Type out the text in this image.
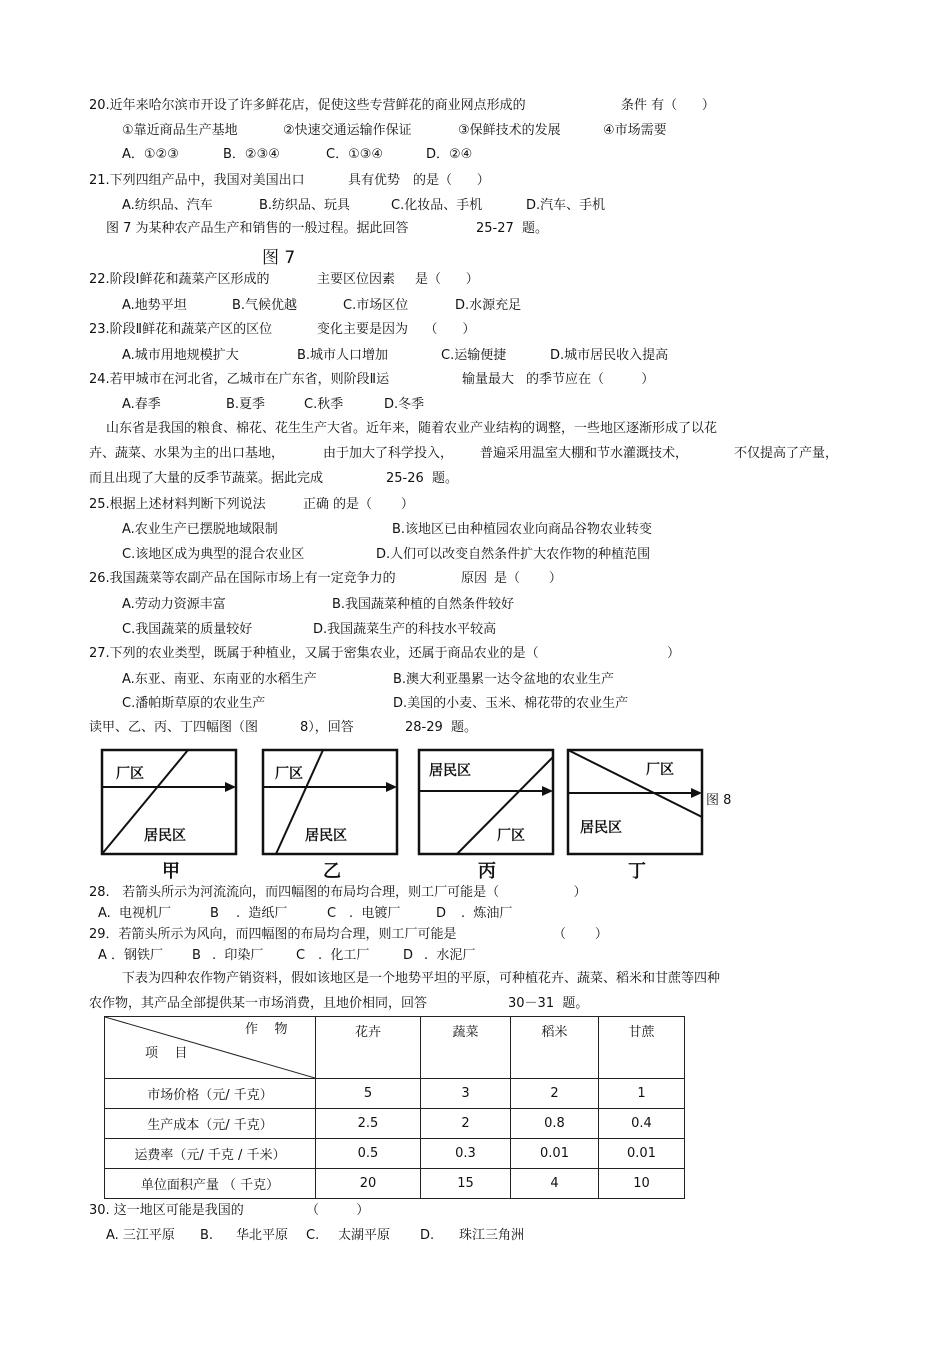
20.近年来哈尔滨市开设了许多鲜花店，促使这些专营鲜花的商业网点形成的	条件 有（      ）
①靠近商品生产基地	②快速交通运输作保证	③保鲜技术的发展	④市场需要
A．①②③	B．②③④	C．①③④	D．②④
21.下列四组产品中，我国对美国出口	具有优势 的是（      ）
A.纺织品、汽车	B.纺织品、玩具	C.化妆品、手机	D.汽车、手机
图 7 为某种农产品生产和销售的一般过程。据此回答	25-27  题。
图 7
22.阶段Ⅰ鲜花和蔬菜产区形成的	主要区位因素 是（      ）
A.地势平坦	B.气候优越	C.市场区位	D.水源充足
23.阶段Ⅱ鲜花和蔬菜产区的区位	变化主要是因为    （      ）
A.城市用地规模扩大	B.城市人口增加	C.运输便捷	D.城市居民收入提高
24.若甲城市在河北省，乙城市在广东省，则阶段Ⅱ运	输量最大 的季节应在（         ）
A.春季	B.夏季	C.秋季	D.冬季
山东省是我国的粮食、棉花、花生生产大省。近年来，随着农业产业结构的调整，一些地区逐渐形成了以花
卉、蔬菜、水果为主的出口基地，	由于加大了科学投入， 普遍采用温室大棚和节水灌溉技术，	不仅提高了产量，
而且出现了大量的反季节蔬菜。据此完成	25-26  题。
25.根据上述材料判断下列说法	正确 的是（       ）
A.农业生产已摆脱地域限制	B.该地区已由种植园农业向商品谷物农业转变
C.该地区成为典型的混合农业区	D.人们可以改变自然条件扩大农作物的种植范围
26.我国蔬菜等农副产品在国际市场上有一定竞争力的	原因 是（       ）
A.劳动力资源丰富	B.我国蔬菜种植的自然条件较好
C.我国蔬菜的质量较好	D.我国蔬菜生产的科技水平较高
27.下列的农业类型，既属于种植业，又属于密集农业，还属于商品农业的是（	）
A.东亚、南亚、东南亚的水稻生产	B.澳大利亚墨累一达令盆地的农业生产
C.潘帕斯草原的农业生产	D.美国的小麦、玉米、棉花带的农业生产
读甲、乙、丙、丁四幅图（图	8），回答	28-29  题。
厂区
居民区
甲
厂区
居民区
乙
居民区
厂区
丙
厂区
居民区
丁
图 8
28.   若箭头所示为河流流向，而四幅图的布局均合理，则工厂可能是（                  ）
A.  电视机厂	B .  造纸厂	C .  电镀厂	D .  炼油厂
29．若箭头所示为风向，而四幅图的布局均合理，则工厂可能是	（       ）
A ．钢铁厂 B .  印染厂	C .  化工厂	D .  水泥厂
下表为四种农作物产销资料，假如该地区是一个地势平坦的平原，可种植花卉、蔬菜、稻米和甘蔗等四种
农作物，其产品全部提供某一市场消费，且地价相同，回答	30－31  题。
作    物
项    目	花卉	蔬菜	稻米	甘蔗
市场价格（元/ 千克）	5	3	2	1
生产成本（元/ 千克）	2.5	2	0.8	0.4
运费率（元/ 千克 / 千米）	0.5	0.3	0.01	0.01
单位面积产量 （ 千克）	20	15	4	10
30. 这一地区可能是我国的	（         ）
A. 三江平原 B. 华北平原 C. 太湖平原 D. 珠江三角洲
